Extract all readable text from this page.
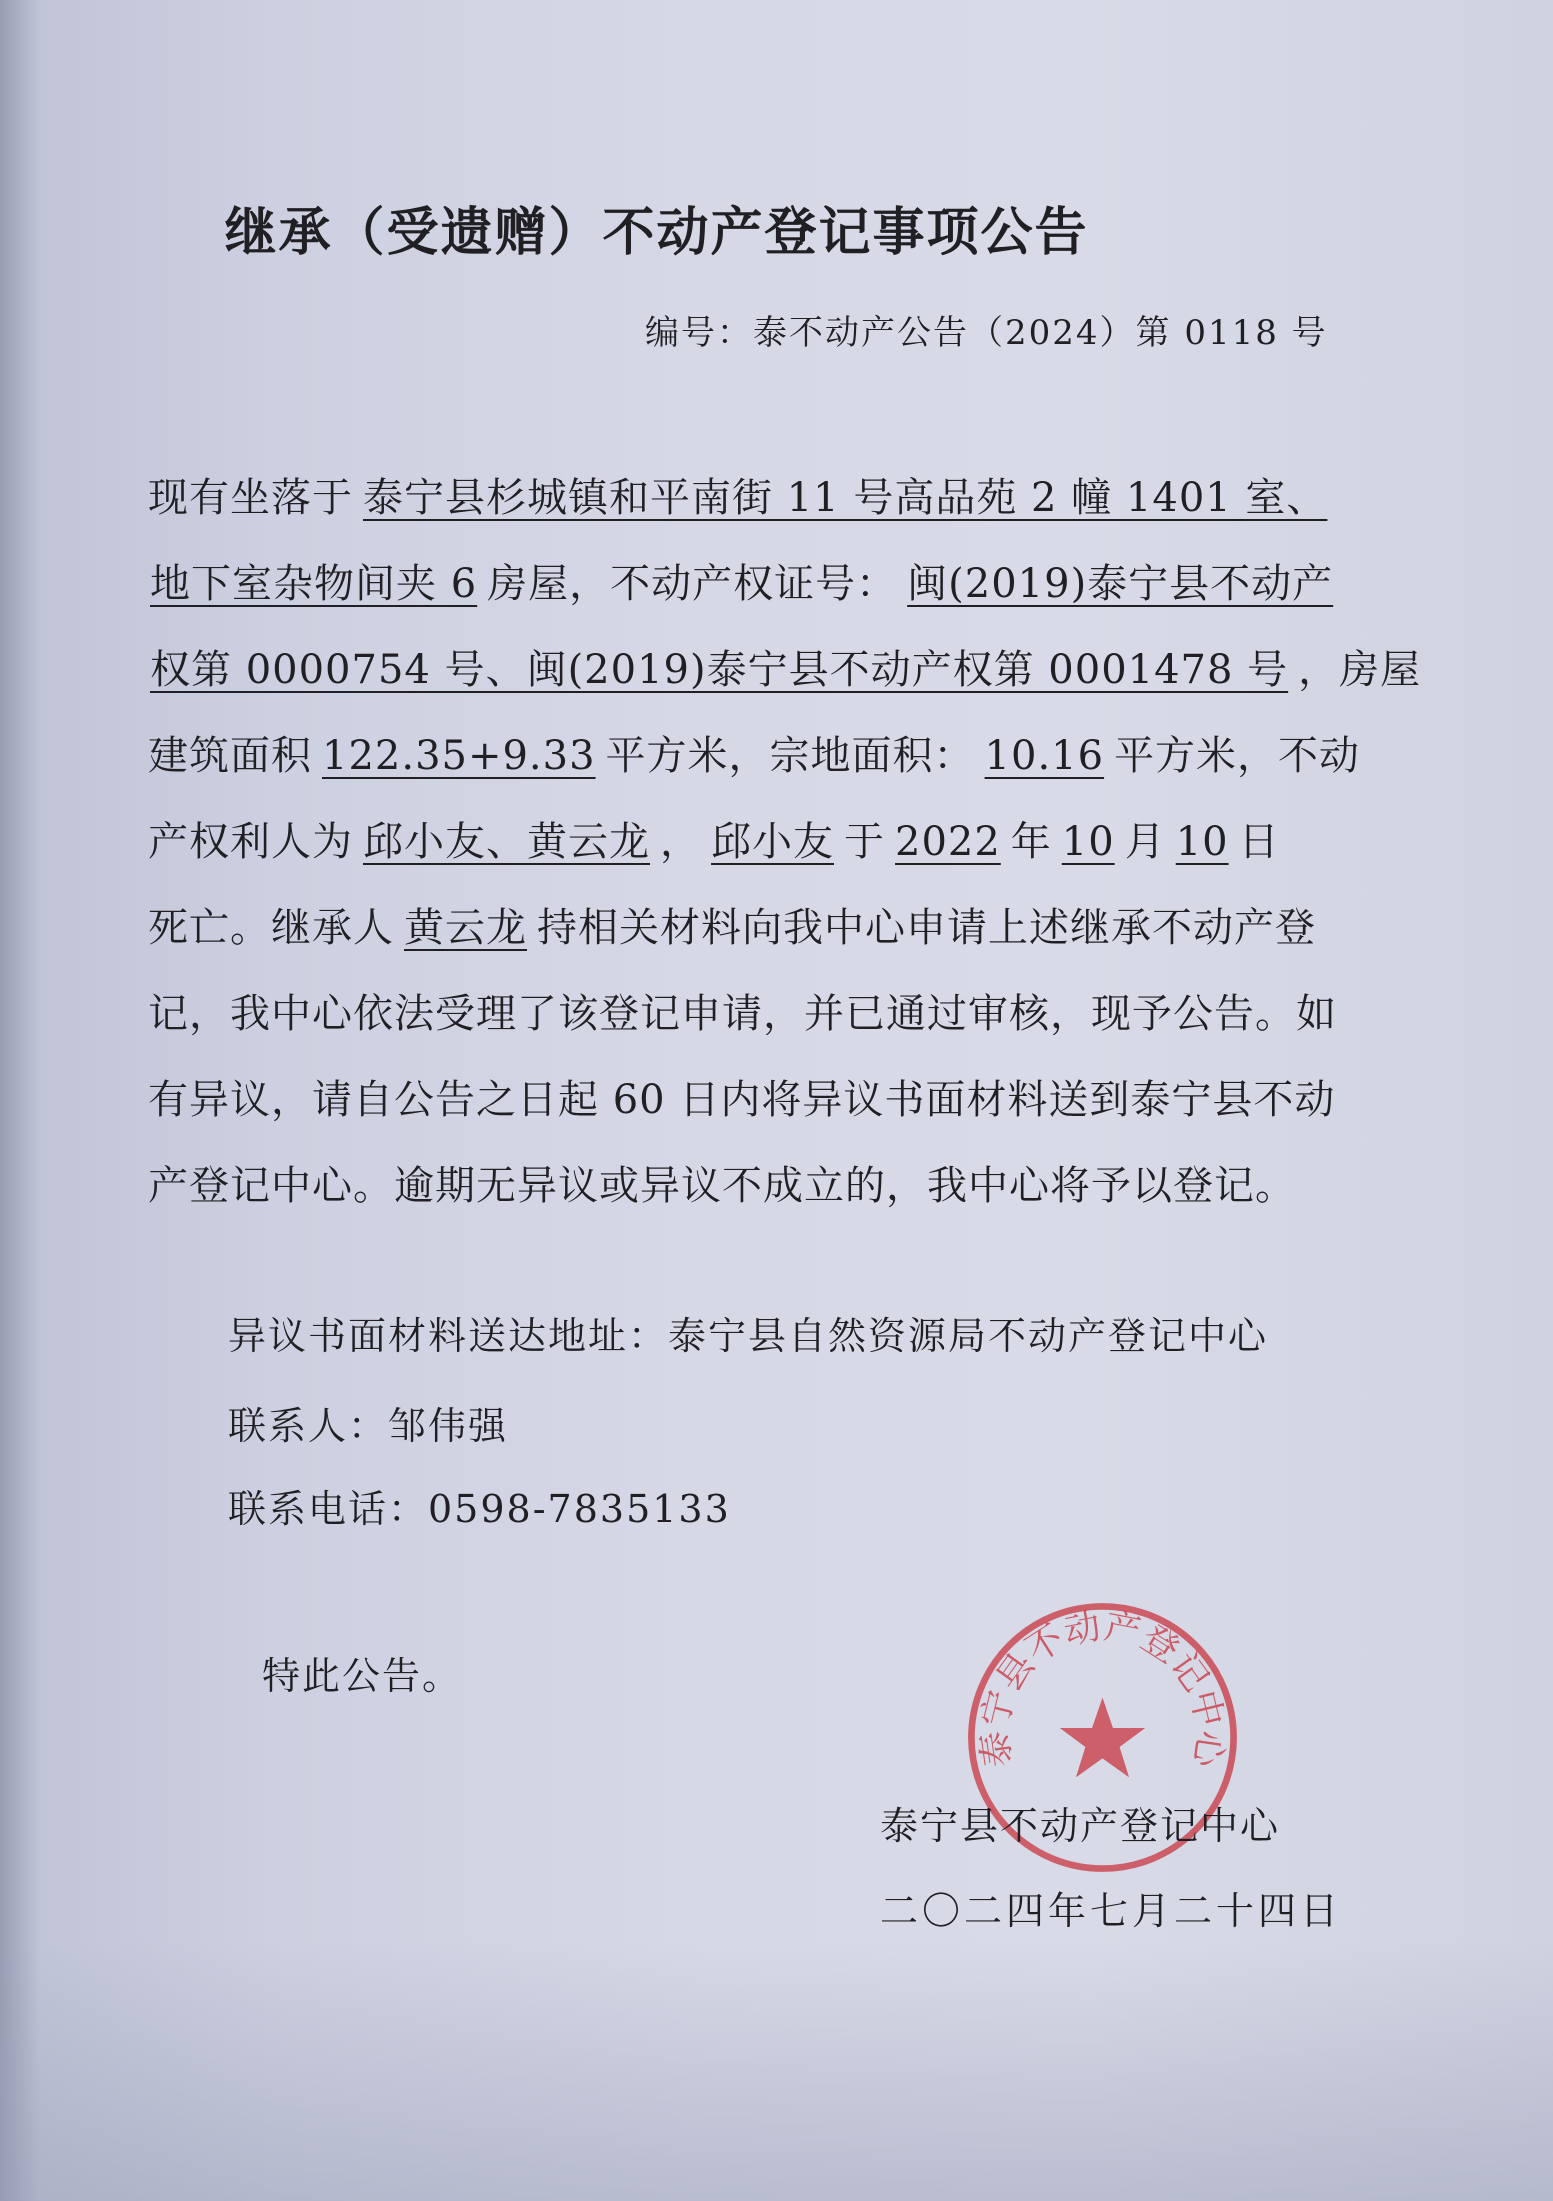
继承（受遗赠）不动产登记事项公告
编号：泰不动产公告（2024）第 0118 号
现有坐落于 泰宁县杉城镇和平南街 11 号高品苑 2 幢 1401 室、
地下室杂物间夹 6 房屋，不动产权证号： 闽(2019)泰宁县不动产
权第 0000754 号、闽(2019)泰宁县不动产权第 0001478 号 ，房屋
建筑面积 122.35+9.33 平方米，宗地面积： 10.16 平方米，不动
产权利人为 邱小友、黄云龙 ， 邱小友 于 2022 年 10 月 10 日
死亡。继承人 黄云龙 持相关材料向我中心申请上述继承不动产登
记，我中心依法受理了该登记申请，并已通过审核，现予公告。如
有异议，请自公告之日起 60 日内将异议书面材料送到泰宁县不动
产登记中心。逾期无异议或异议不成立的，我中心将予以登记。
异议书面材料送达地址：泰宁县自然资源局不动产登记中心
联系人：邹伟强
联系电话：0598-7835133
特此公告。
泰宁县不动产登记中心
泰宁县不动产登记中心
二〇二四年七月二十四日
